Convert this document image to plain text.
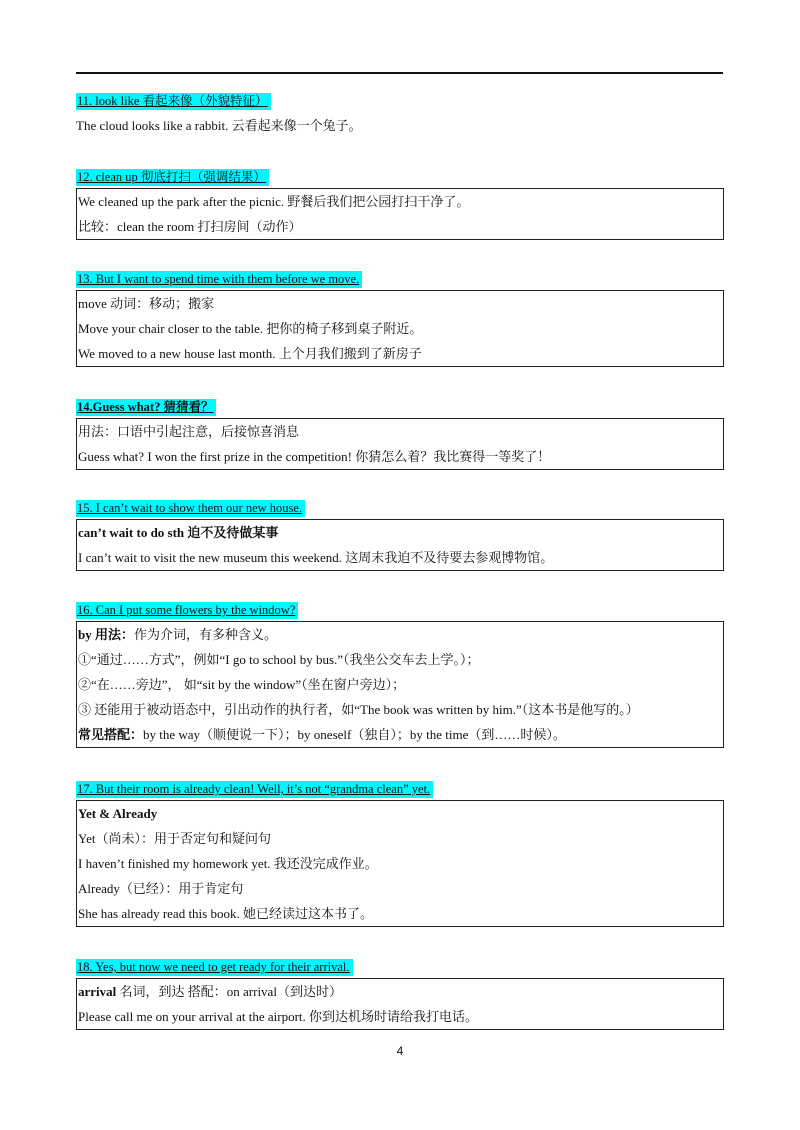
11. look like 看起来像（外貌特征）
The cloud looks like a rabbit. 云看起来像一个兔子。
12. clean up 彻底打扫（强调结果）
We cleaned up the park after the picnic. 野餐后我们把公园打扫干净了。
比较：clean the room 打扫房间（动作）
13. But I want to spend time with them before we move.
move 动词：移动；搬家
Move your chair closer to the table. 把你的椅子移到桌子附近。
We moved to a new house last month. 上个月我们搬到了新房子
14.Guess what? 猜猜看？
用法：口语中引起注意，后接惊喜消息
Guess what? I won the first prize in the competition! 你猜怎么着？我比赛得一等奖了！
15. I can’t wait to show them our new house.
can’t wait to do sth 迫不及待做某事
I can’t wait to visit the new museum this weekend. 这周末我迫不及待要去参观博物馆。
16. Can I put some flowers by the window?
by 用法：作为介词，有多种含义。
①“通过……方式”，例如“I go to school by bus.”（我坐公交车去上学。）；
②“在……旁边”， 如“sit by the window”（坐在窗户旁边）；
③ 还能用于被动语态中，引出动作的执行者，如“The book was written by him.”（这本书是他写的。）
常见搭配：by the way（顺便说一下）；by oneself（独自）；by the time（到……时候）。
17. But their room is already clean! Well, it’s not “grandma clean” yet.
Yet & Already
Yet（尚未）：用于否定句和疑问句
I haven’t finished my homework yet. 我还没完成作业。
Already（已经）：用于肯定句
She has already read this book. 她已经读过这本书了。
18. Yes, but now we need to get ready for their arrival.
arrival 名词，到达 搭配：on arrival（到达时）
Please call me on your arrival at the airport. 你到达机场时请给我打电话。
4
